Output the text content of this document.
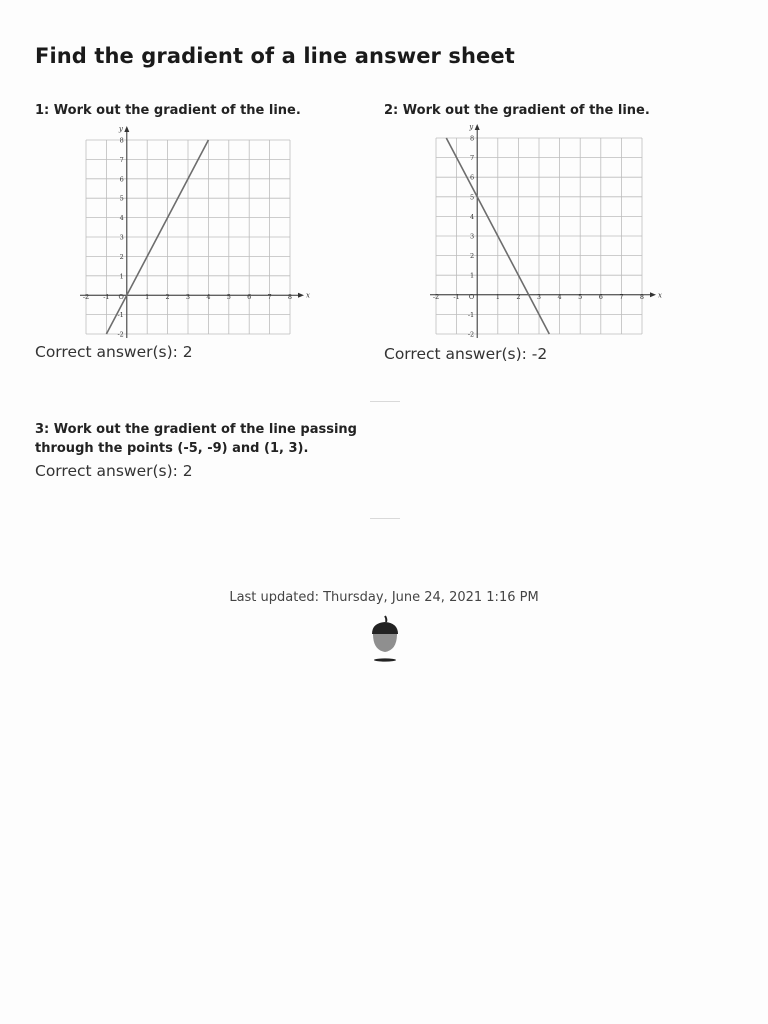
Find the gradient of a line answer sheet
1: Work out the gradient of the line.
-2 -1	1	2	3	4	5	6	7	8
-2
-1
1
2
3
4
5
6
7
8
O	x
y
Correct answer(s): 2
2: Work out the gradient of the line.
-2 -1	1	2	3	4	5	6	7	8
-2
-1
1
2
3
4
5
6
7
8
O	x
y
Correct answer(s): -2
3: Work out the gradient of the line passing
through the points (-5, -9) and (1, 3).
Correct answer(s): 2
Last updated: Thursday, June 24, 2021 1:16 PM
